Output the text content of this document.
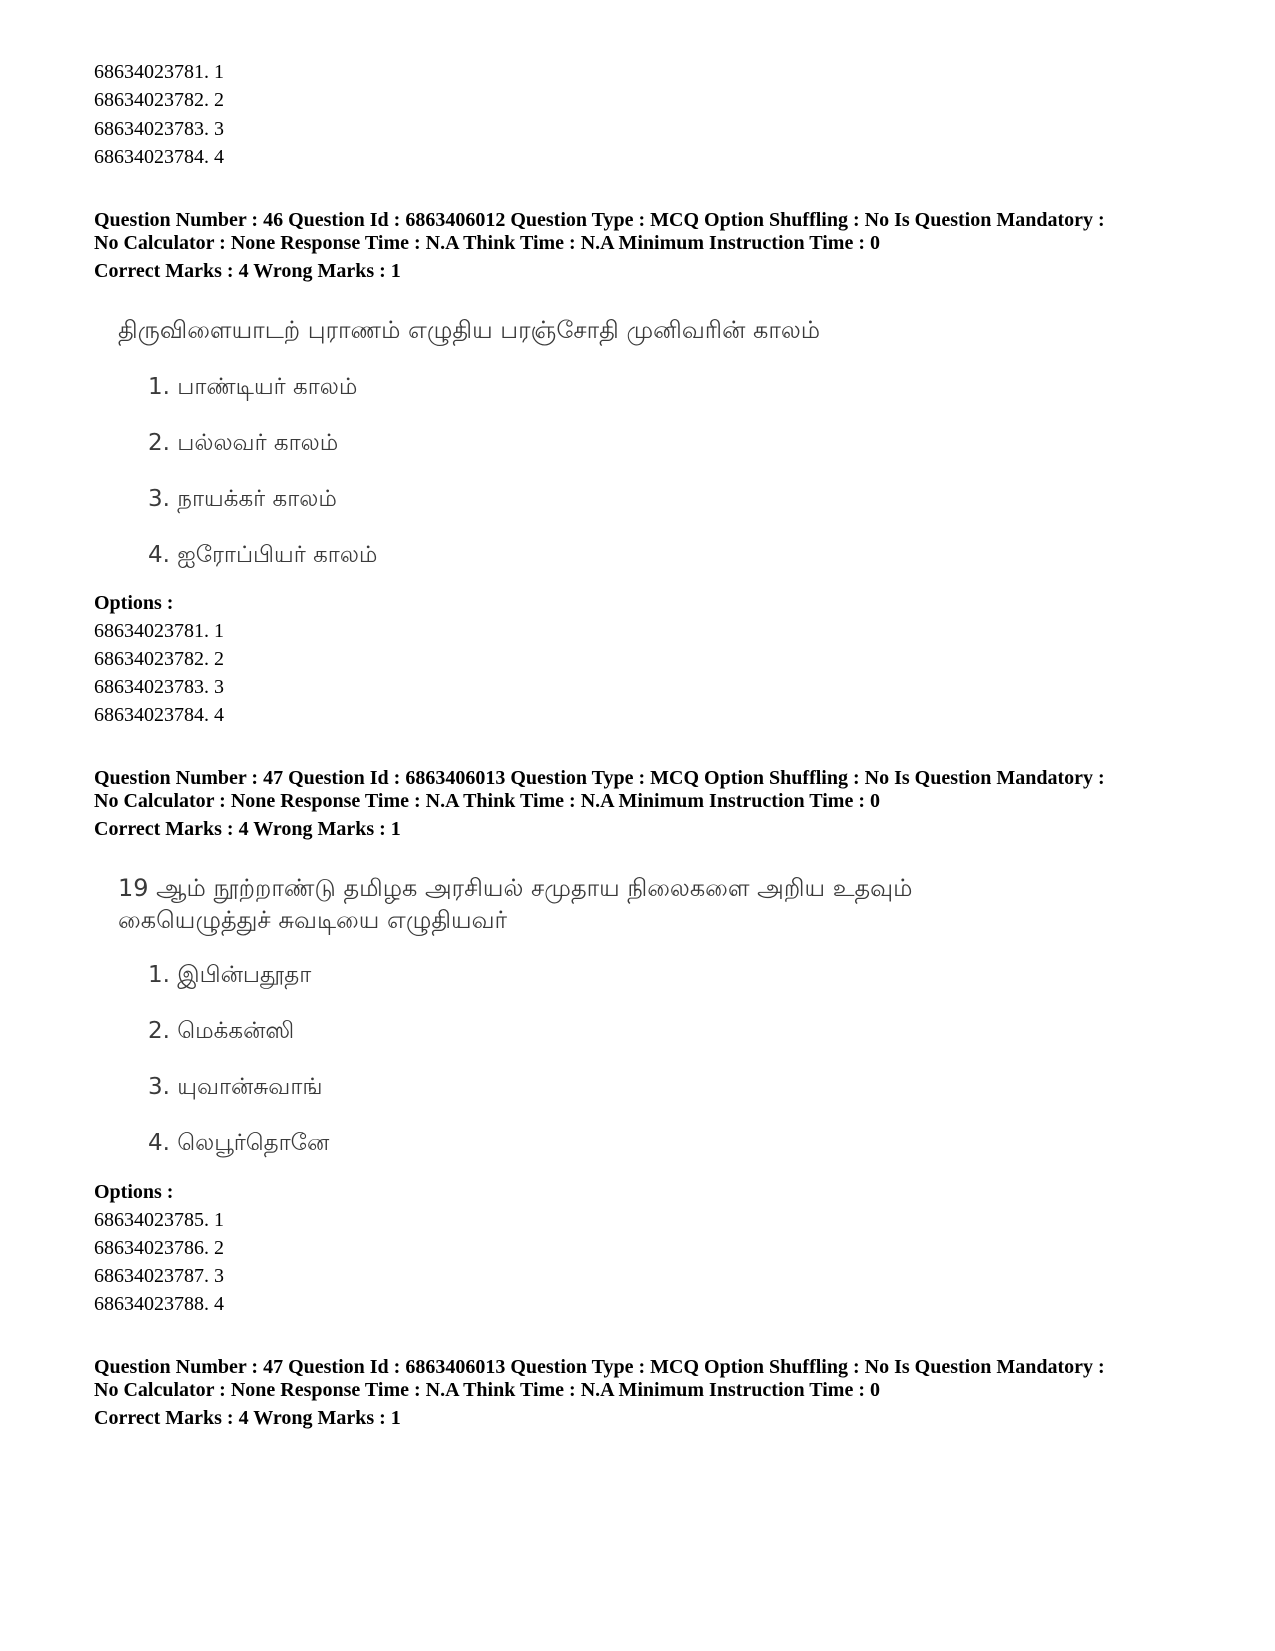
68634023781. 1
68634023782. 2
68634023783. 3
68634023784. 4
Question Number : 46 Question Id : 6863406012 Question Type : MCQ Option Shuffling : No Is Question Mandatory :
No Calculator : None Response Time : N.A Think Time : N.A Minimum Instruction Time : 0
Correct Marks : 4 Wrong Marks : 1
திருவிளையாடற் புராணம் எழுதிய பரஞ்சோதி முனிவரின் காலம்
1. பாண்டியர் காலம்
2. பல்லவர் காலம்
3. நாயக்கர் காலம்
4. ஐரோப்பியர் காலம்
Options :
68634023781. 1
68634023782. 2
68634023783. 3
68634023784. 4
Question Number : 47 Question Id : 6863406013 Question Type : MCQ Option Shuffling : No Is Question Mandatory :
No Calculator : None Response Time : N.A Think Time : N.A Minimum Instruction Time : 0
Correct Marks : 4 Wrong Marks : 1
19 ஆம் நூற்றாண்டு தமிழக அரசியல் சமுதாய நிலைகளை அறிய உதவும்
கையெழுத்துச் சுவடியை எழுதியவர்
1. இபின்பதூதா
2. மெக்கன்ஸி
3. யுவான்சுவாங்
4. லெபூர்தொனே
Options :
68634023785. 1
68634023786. 2
68634023787. 3
68634023788. 4
Question Number : 47 Question Id : 6863406013 Question Type : MCQ Option Shuffling : No Is Question Mandatory :
No Calculator : None Response Time : N.A Think Time : N.A Minimum Instruction Time : 0
Correct Marks : 4 Wrong Marks : 1
